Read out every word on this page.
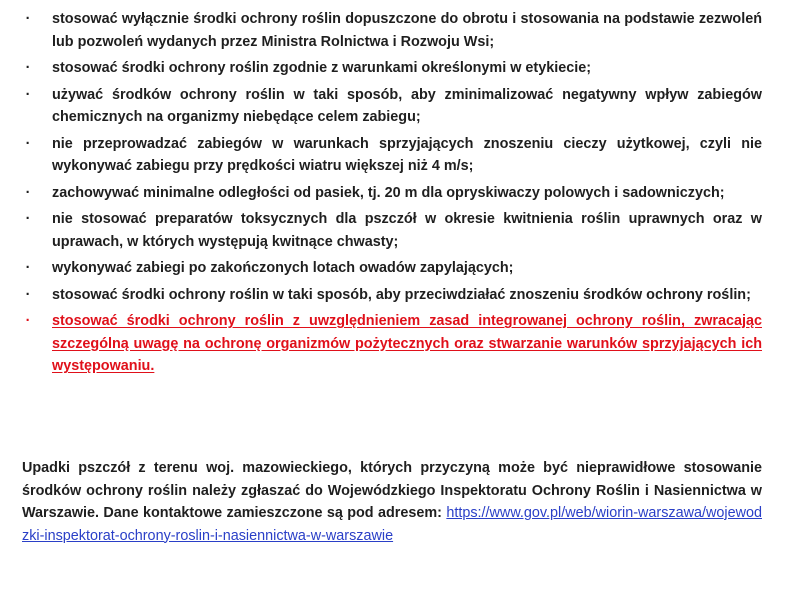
· stosować wyłącznie środki ochrony roślin dopuszczone do obrotu i stosowania na podstawie zezwoleń lub pozwoleń wydanych przez Ministra Rolnictwa i Rozwoju Wsi;
· stosować środki ochrony roślin zgodnie z warunkami określonymi w etykiecie;
· używać środków ochrony roślin w taki sposób, aby zminimalizować negatywny wpływ zabiegów chemicznych na organizmy niebędące celem zabiegu;
· nie przeprowadzać zabiegów w warunkach sprzyjających znoszeniu cieczy użytkowej, czyli nie wykonywać zabiegu przy prędkości wiatru większej niż 4 m/s;
· zachowywać minimalne odległości od pasiek, tj. 20 m dla opryskiwaczy polowych i sadowniczych;
· nie stosować preparatów toksycznych dla pszczół w okresie kwitnienia roślin uprawnych oraz w uprawach, w których występują kwitnące chwasty;
· wykonywać zabiegi po zakończonych lotach owadów zapylających;
· stosować środki ochrony roślin w taki sposób, aby przeciwdziałać znoszeniu środków ochrony roślin;
· stosować środki ochrony roślin z uwzględnieniem zasad integrowanej ochrony roślin, zwracając szczególną uwagę na ochronę organizmów pożytecznych oraz stwarzanie warunków sprzyjających ich występowaniu.
Upadki pszczół z terenu woj. mazowieckiego, których przyczyną może być nieprawidłowe stosowanie środków ochrony roślin należy zgłaszać do Wojewódzkiego Inspektoratu Ochrony Roślin i Nasiennictwa w Warszawie. Dane kontaktowe zamieszczone są pod adresem: https://www.gov.pl/web/wiorin-warszawa/wojewodzki-inspektorat-ochrony-roslin-i-nasiennictwa-w-warszawie
